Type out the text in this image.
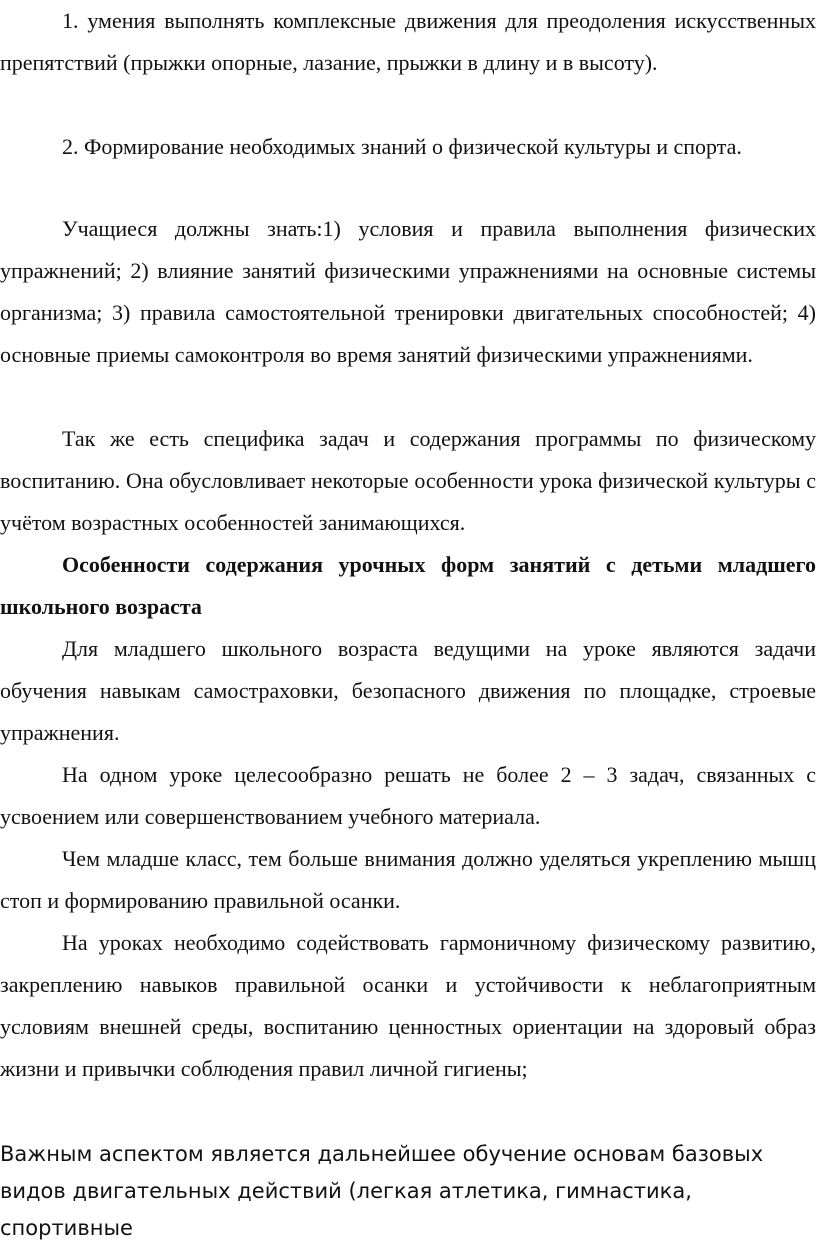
1. умения выполнять комплексные движения для преодоления искусственных препятствий (прыжки опорные, лазание, прыжки в длину и в высоту).

2. Формирование необходимых знаний о физической культуры и спорта.

Учащиеся должны знать:1) условия и правила выполнения физических упражнений; 2) влияние занятий физическими упражнениями на основные системы организма; 3) правила самостоятельной тренировки двигательных способностей; 4) основные приемы самоконтроля во время занятий физическими упражнениями.

Так же есть специфика задач и содержания программы по физическому воспитанию. Она обусловливает некоторые особенности урока физической культуры с учётом возрастных особенностей занимающихся.

Особенности содержания урочных форм занятий с детьми младшего школьного возраста

Для младшего школьного возраста ведущими на уроке являются задачи обучения навыкам самостраховки, безопасного движения по площадке, строевые упражнения.

На одном уроке целесообразно решать не более 2 – 3 задач, связанных с усвоением или совершенствованием учебного материала.

Чем младше класс, тем больше внимания должно уделяться укреплению мышц стоп и формированию правильной осанки.

На уроках необходимо содействовать гармоничному физическому развитию, закреплению навыков правильной осанки и устойчивости к неблагоприятным условиям внешней среды, воспитанию ценностных ориентации на здоровый образ жизни и привычки соблюдения правил личной гигиены;

Важным аспектом является дальнейшее обучение основам базовых видов двигательных действий (легкая атлетика, гимнастика, спортивные
